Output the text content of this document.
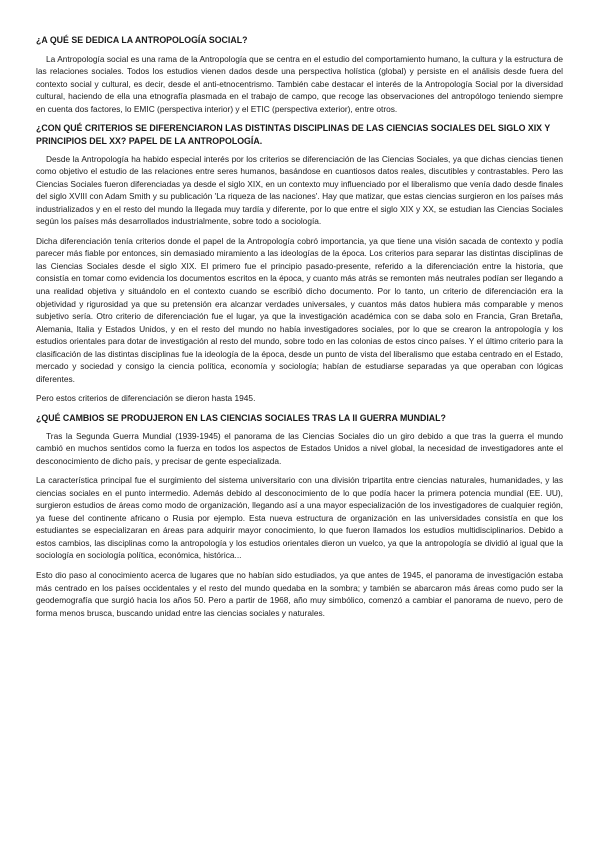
¿A QUÉ SE DEDICA LA ANTROPOLOGÍA SOCIAL?

La Antropología social es una rama de la Antropología que se centra en el estudio del comportamiento humano, la cultura y la estructura de las relaciones sociales. Todos los estudios vienen dados desde una perspectiva holística (global) y persiste en el análisis desde fuera del contexto social y cultural, es decir, desde el anti-etnocentrismo. También cabe destacar el interés de la Antropología Social por la diversidad cultural, haciendo de ella una etnografía plasmada en el trabajo de campo, que recoge las observaciones del antropólogo teniendo siempre en cuenta dos factores, lo EMIC (perspectiva interior) y el ETIC (perspectiva exterior), entre otros.

¿CON QUÉ CRITERIOS SE DIFERENCIARON LAS DISTINTAS DISCIPLINAS DE LAS CIENCIAS SOCIALES DEL SIGLO XIX Y PRINCIPIOS DEL XX? PAPEL DE LA ANTROPOLOGÍA.

Desde la Antropología ha habido especial interés por los criterios se diferenciación de las Ciencias Sociales, ya que dichas ciencias tienen como objetivo el estudio de las relaciones entre seres humanos, basándose en cuantiosos datos reales, discutibles y contrastables. Pero las Ciencias Sociales fueron diferenciadas ya desde el siglo XIX, en un contexto muy influenciado por el liberalismo que venía dado desde finales del siglo XVIII con Adam Smith y su publicación 'La riqueza de las naciones'. Hay que matizar, que estas ciencias surgieron en los países más industrializados y en el resto del mundo la llegada muy tardía y diferente, por lo que entre el siglo XIX y XX, se estudian las Ciencias Sociales según los países más desarrollados industrialmente, sobre todo a sociología.

Dicha diferenciación tenía criterios donde el papel de la Antropología cobró importancia, ya que tiene una visión sacada de contexto y podía parecer más fiable por entonces, sin demasiado miramiento a las ideologías de la época. Los criterios para separar las distintas disciplinas de las Ciencias Sociales desde el siglo XIX. El primero fue el principio pasado-presente, referido a la diferenciación entre la historia, que consistía en tomar como evidencia los documentos escritos en la época, y cuanto más atrás se remonten más neutrales podían ser llegando a una realidad objetiva y situándolo en el contexto cuando se escribió dicho documento. Por lo tanto, un criterio de diferenciación era la objetividad y rigurosidad ya que su pretensión era alcanzar verdades universales, y cuantos más datos hubiera más comparable y menos subjetivo sería. Otro criterio de diferenciación fue el lugar, ya que la investigación académica con se daba solo en Francia, Gran Bretaña, Alemania, Italia y Estados Unidos, y en el resto del mundo no había investigadores sociales, por lo que se crearon la antropología y los estudios orientales para dotar de investigación al resto del mundo, sobre todo en las colonias de estos cinco países. Y el último criterio para la clasificación de las distintas disciplinas fue la ideología de la época, desde un punto de vista del liberalismo que estaba centrado en el Estado, mercado y sociedad y consigo la ciencia política, economía y sociología; habían de estudiarse separadas ya que operaban con lógicas diferentes.

Pero estos criterios de diferenciación se dieron hasta 1945.

¿QUÉ CAMBIOS SE PRODUJERON EN LAS CIENCIAS SOCIALES TRAS LA II GUERRA MUNDIAL?

Tras la Segunda Guerra Mundial (1939-1945) el panorama de las Ciencias Sociales dio un giro debido a que tras la guerra el mundo cambió en muchos sentidos como la fuerza en todos los aspectos de Estados Unidos a nivel global, la necesidad de investigadores ante el desconocimiento de dicho país, y precisar de gente especializada.

La característica principal fue el surgimiento del sistema universitario con una división tripartita entre ciencias naturales, humanidades, y las ciencias sociales en el punto intermedio. Además debido al desconocimiento de lo que podía hacer la primera potencia mundial (EE. UU), surgieron estudios de áreas como modo de organización, llegando así a una mayor especialización de los investigadores de cualquier región, ya fuese del continente africano o Rusia por ejemplo. Esta nueva estructura de organización en las universidades consistía en que los estudiantes se especializaran en áreas para adquirir mayor conocimiento, lo que fueron llamados los estudios multidisciplinarios. Debido a estos cambios, las disciplinas como la antropología y los estudios orientales dieron un vuelco, ya que la antropología se dividió al igual que la sociología en sociología política, económica, histórica...

Esto dio paso al conocimiento acerca de lugares que no habían sido estudiados, ya que antes de 1945, el panorama de investigación estaba más centrado en los países occidentales y el resto del mundo quedaba en la sombra; y también se abarcaron más áreas como pudo ser la geodemografía que surgió hacia los años 50. Pero a partir de 1968, año muy simbólico, comenzó a cambiar el panorama de nuevo, pero de forma menos brusca, buscando unidad entre las ciencias sociales y naturales.
